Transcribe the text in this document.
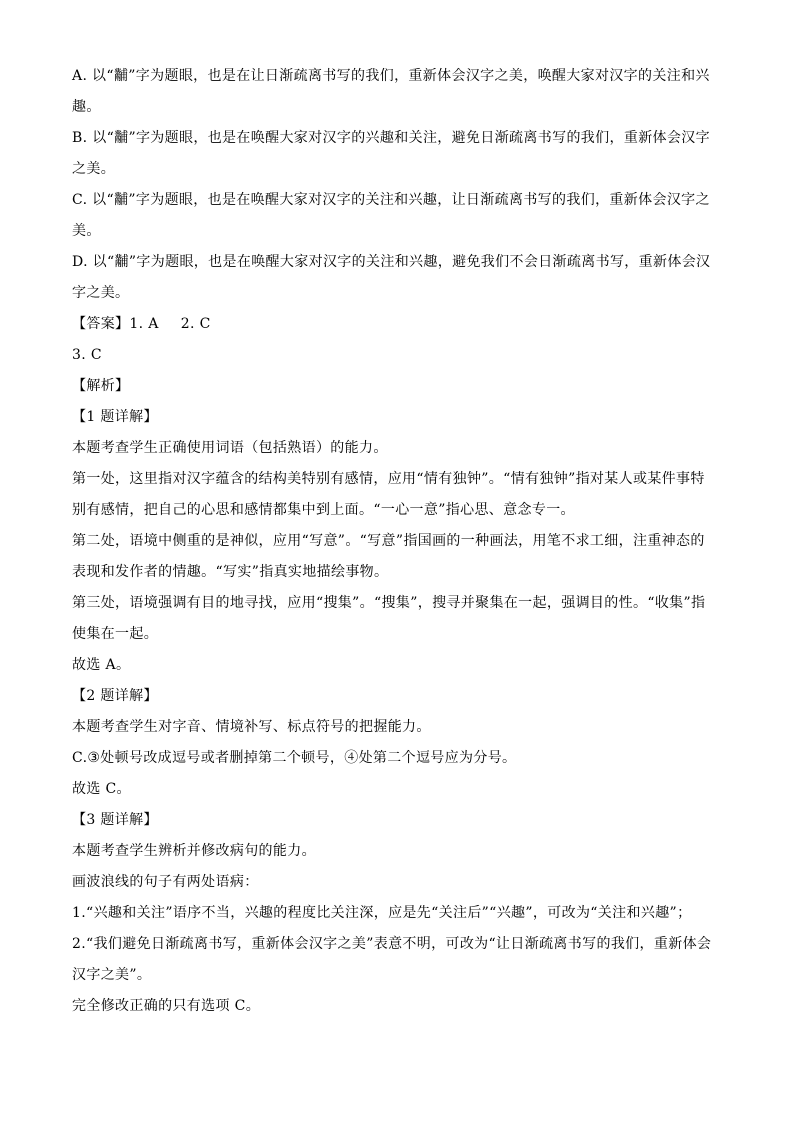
A. 以“黼”字为题眼，也是在让日渐疏离书写的我们，重新体会汉字之美，唤醒大家对汉字的关注和兴
趣。
B. 以“黼”字为题眼，也是在唤醒大家对汉字的兴趣和关注，避免日渐疏离书写的我们，重新体会汉字
之美。
C. 以“黼”字为题眼，也是在唤醒大家对汉字的关注和兴趣，让日渐疏离书写的我们，重新体会汉字之
美。
D. 以“黼”字为题眼，也是在唤醒大家对汉字的关注和兴趣，避免我们不会日渐疏离书写，重新体会汉
字之美。
【答案】1. A 2. C
3. C
【解析】
【1 题详解】
本题考查学生正确使用词语（包括熟语）的能力。
第一处，这里指对汉字蕴含的结构美特别有感情，应用“情有独钟”。“情有独钟”指对某人或某件事特
别有感情，把自己的心思和感情都集中到上面。“一心一意”指心思、意念专一。
第二处，语境中侧重的是神似，应用“写意”。“写意”指国画的一种画法，用笔不求工细，注重神态的
表现和发作者的情趣。“写实”指真实地描绘事物。
第三处，语境强调有目的地寻找，应用“搜集”。“搜集”，搜寻并聚集在一起，强调目的性。“收集”指
使集在一起。
故选 A。
【2 题详解】
本题考查学生对字音、情境补写、标点符号的把握能力。
C.③处顿号改成逗号或者删掉第二个顿号，④处第二个逗号应为分号。
故选 C。
【3 题详解】
本题考查学生辨析并修改病句的能力。
画波浪线的句子有两处语病：
1.“兴趣和关注”语序不当，兴趣的程度比关注深，应是先“关注后”“兴趣”，可改为“关注和兴趣”；
2.“我们避免日渐疏离书写，重新体会汉字之美”表意不明，可改为“让日渐疏离书写的我们，重新体会
汉字之美”。
完全修改正确的只有选项 C。
